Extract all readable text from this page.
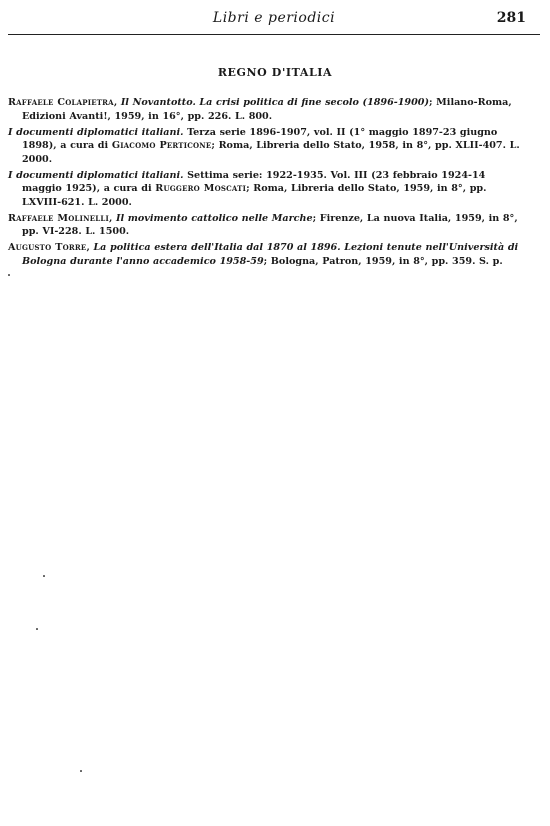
Libri e periodici	281
REGNO D'ITALIA

Raffaele Colapietra, Il Novantotto. La crisi politica di fine secolo (1896-1900); Milano-Roma, Edizioni Avanti!, 1959, in 16°, pp. 226. L. 800.

I documenti diplomatici italiani. Terza serie 1896-1907, vol. II (1° maggio 1897-23 giugno 1898), a cura di Giacomo Perticone; Roma, Libreria dello Stato, 1958, in 8°, pp. XLII-407. L. 2000.

I documenti diplomatici italiani. Settima serie: 1922-1935. Vol. III (23 febbraio 1924-14 maggio 1925), a cura di Ruggero Moscati; Roma, Libreria dello Stato, 1959, in 8°, pp. LXVIII-621. L. 2000.

Raffaele Molinelli, Il movimento cattolico nelle Marche; Firenze, La nuova Italia, 1959, in 8°, pp. VI-228. L. 1500.

Augusto Torre, La politica estera dell'Italia dal 1870 al 1896. Lezioni tenute nell'Università di Bologna durante l'anno accademico 1958-59; Bologna, Patron, 1959, in 8°, pp. 359. S. p.
